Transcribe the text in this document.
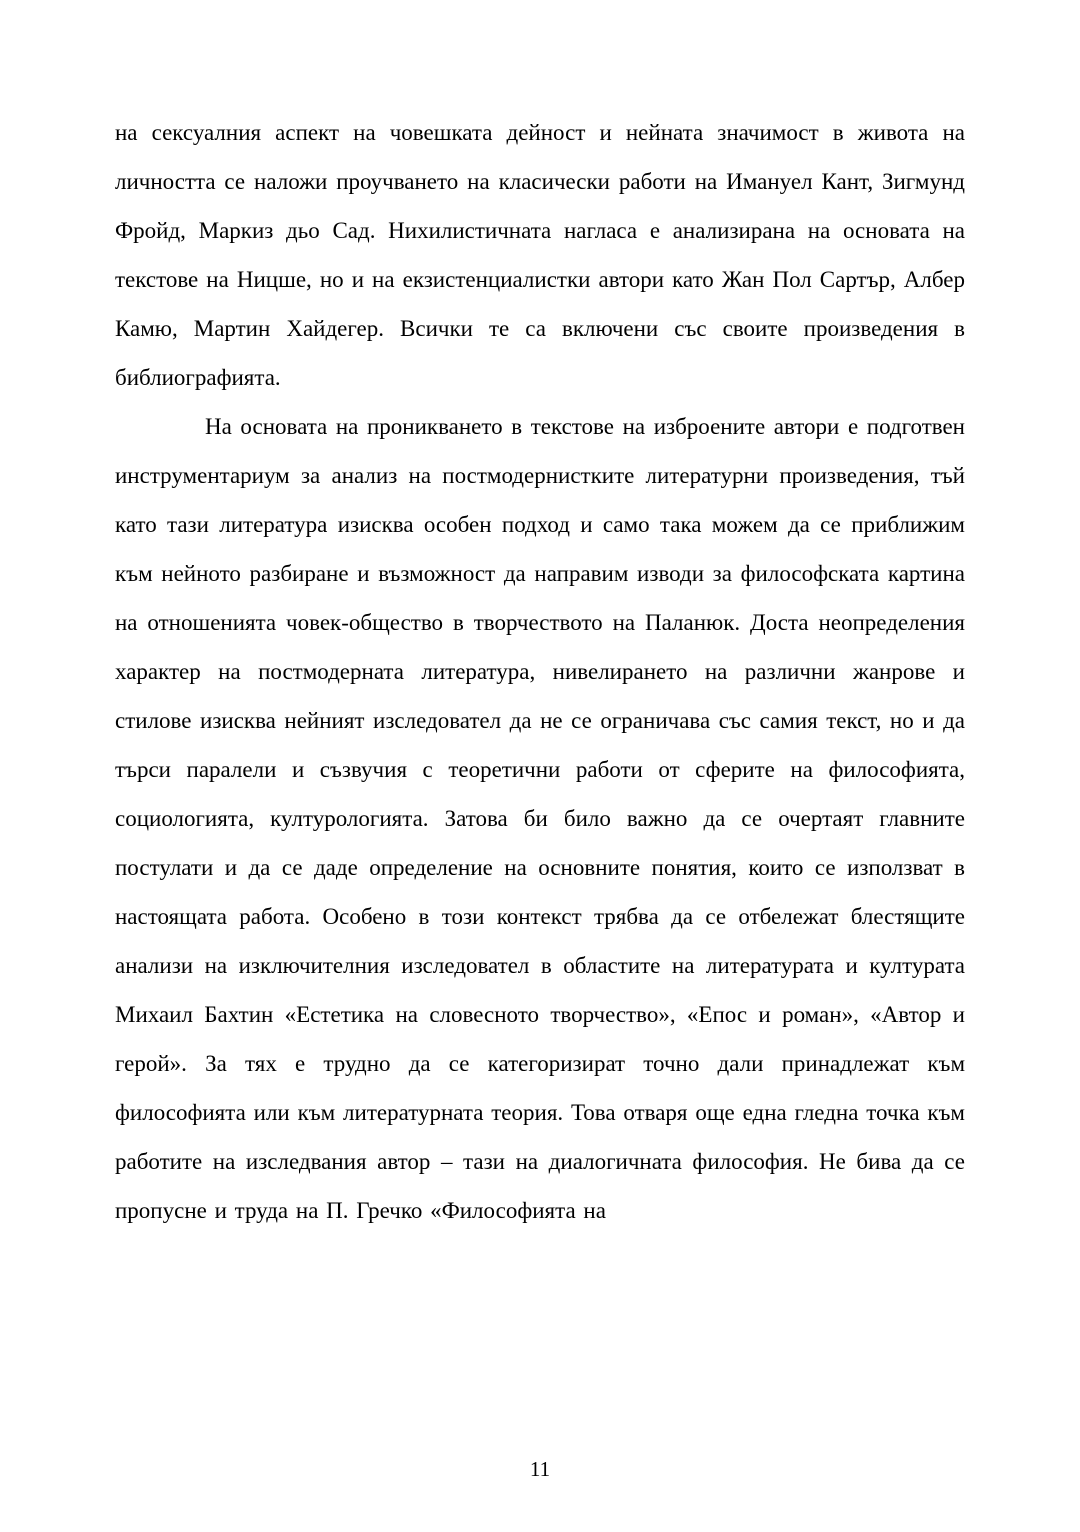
на сексуалния аспект на човешката дейност и нейната значимост в живота на личността се наложи проучването на класически работи на Имануел Кант, Зигмунд Фройд, Маркиз дьо Сад. Нихилистичната нагласа е анализирана на основата на текстове на Ницше, но и на екзистенциалистки автори като Жан Пол Сартър, Албер Камю, Мартин Хайдегер. Всички те са включени със своите произведения в библиографията.

На основата на проникването в текстове на изброените автори е подготвен инструментариум за анализ на постмодернистките литературни произведения, тъй като тази литература изисква особен подход и само така можем да се приближим към нейното разбиране и възможност да направим изводи за философската картина на отношенията човек-общество в творчеството на Паланюк. Доста неопределения характер на постмодерната литература, нивелирането на различни жанрове и стилове изисква нейният изследовател да не се ограничава със самия текст, но и да търси паралели и съзвучия с теоретични работи от сферите на философията, социологията, културологията. Затова би било важно да се очертаят главните постулати и да се даде определение на основните понятия, които се използват в настоящата работа. Особено в този контекст трябва да се отбележат блестящите анализи на изключителния изследовател в областите на литературата и културата Михаил Бахтин «Естетика на словесното творчество», «Епос и роман», «Автор и герой». За тях е трудно да се категоризират точно дали принадлежат към философията или към литературната теория. Това отваря още една гледна точка към работите на изследвания автор – тази на диалогичната философия. Не бива да се пропусне и труда на П. Гречко «Философията на

11
